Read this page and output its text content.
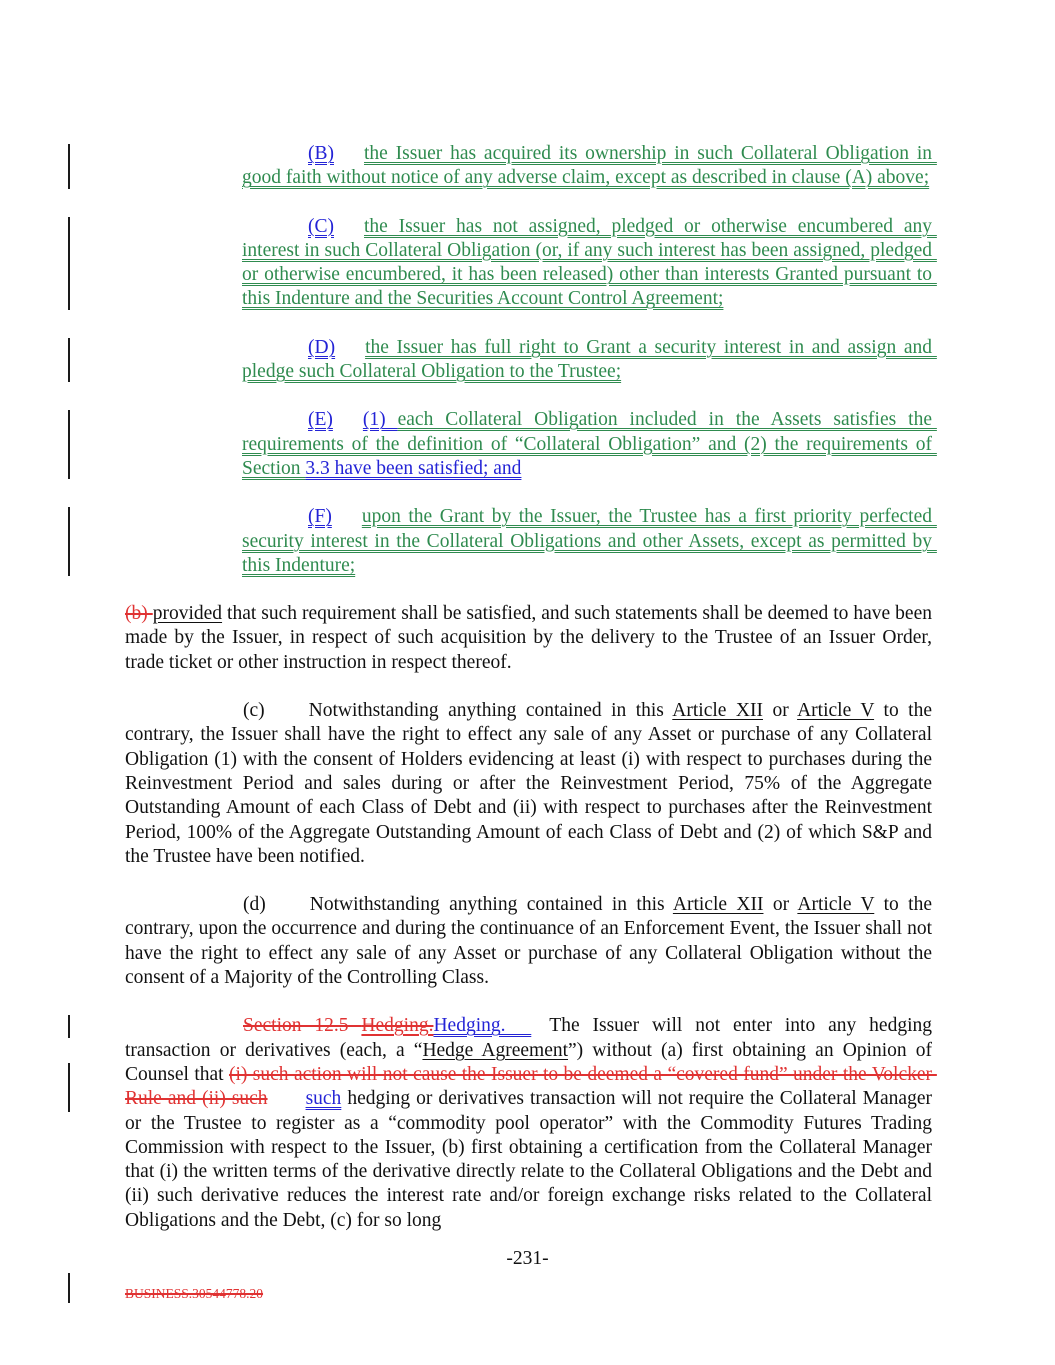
(B) the Issuer has acquired its ownership in such Collateral Obligation in good faith without notice of any adverse claim, except as described in clause (A) above;

(C) the Issuer has not assigned, pledged or otherwise encumbered any interest in such Collateral Obligation (or, if any such interest has been assigned, pledged or otherwise encumbered, it has been released) other than interests Granted pursuant to this Indenture and the Securities Account Control Agreement;

(D) the Issuer has full right to Grant a security interest in and assign and pledge such Collateral Obligation to the Trustee;

(E) (1) each Collateral Obligation included in the Assets satisfies the requirements of the definition of “Collateral Obligation” and (2) the requirements of Section 3.3 have been satisfied; and

(F) upon the Grant by the Issuer, the Trustee has a first priority perfected security interest in the Collateral Obligations and other Assets, except as permitted by this Indenture;

(b) provided that such requirement shall be satisfied, and such statements shall be deemed to have been made by the Issuer, in respect of such acquisition by the delivery to the Trustee of an Issuer Order, trade ticket or other instruction in respect thereof.

(c) Notwithstanding anything contained in this Article XII or Article V to the contrary, the Issuer shall have the right to effect any sale of any Asset or purchase of any Collateral Obligation (1) with the consent of Holders evidencing at least (i) with respect to purchases during the Reinvestment Period and sales during or after the Reinvestment Period, 75% of the Aggregate Outstanding Amount of each Class of Debt and (ii) with respect to purchases after the Reinvestment Period, 100% of the Aggregate Outstanding Amount of each Class of Debt and (2) of which S&P and the Trustee have been notified.

(d) Notwithstanding anything contained in this Article XII or Article V to the contrary, upon the occurrence and during the continuance of an Enforcement Event, the Issuer shall not have the right to effect any sale of any Asset or purchase of any Collateral Obligation without the consent of a Majority of the Controlling Class.

Section 12.5 Hedging.Hedging.  The Issuer will not enter into any hedging transaction or derivatives (each, a “Hedge Agreement”) without (a) first obtaining an Opinion of Counsel that (i) such action will not cause the Issuer to be deemed a “covered fund” under the Volcker Rule and (ii) such such hedging or derivatives transaction will not require the Collateral Manager or the Trustee to register as a “commodity pool operator” with the Commodity Futures Trading Commission with respect to the Issuer, (b) first obtaining a certification from the Collateral Manager that (i) the written terms of the derivative directly relate to the Collateral Obligations and the Debt and (ii) such derivative reduces the interest rate and/or foreign exchange risks related to the Collateral Obligations and the Debt, (c) for so long

-231-
BUSINESS.30544778.20
